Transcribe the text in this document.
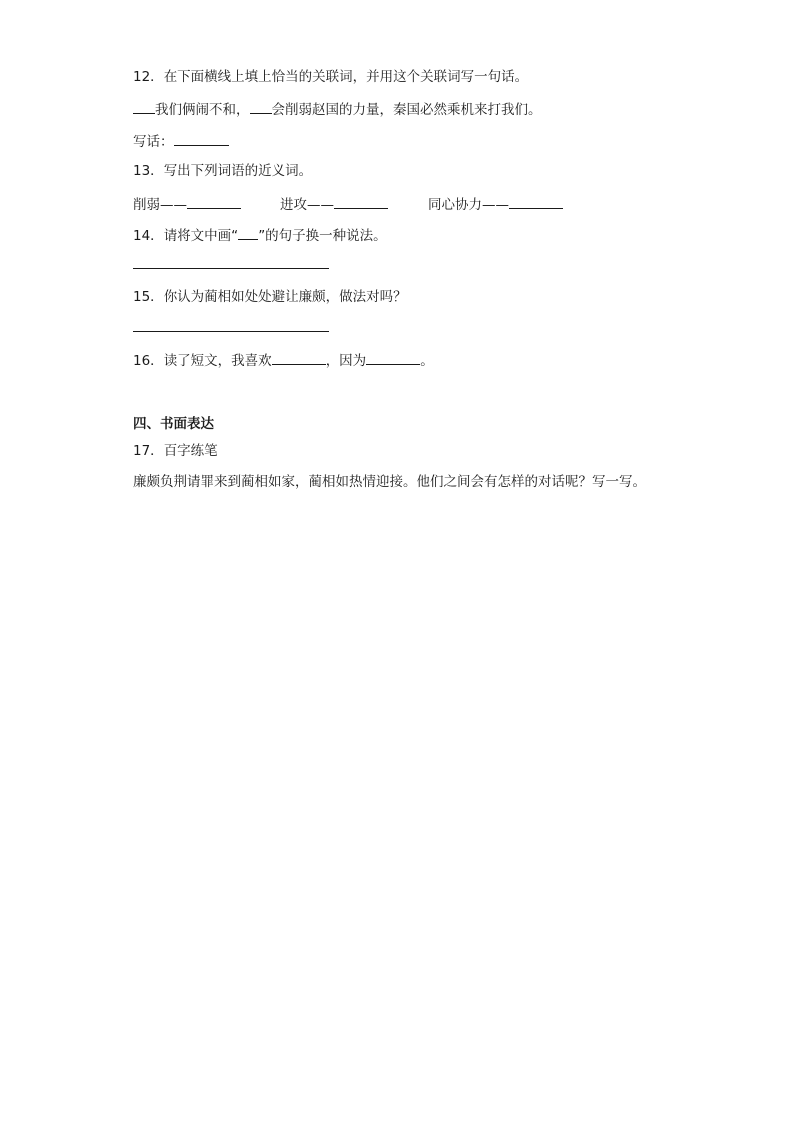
12．在下面横线上填上恰当的关联词，并用这个关联词写一句话。
我们俩闹不和， 会削弱赵国的力量，秦国必然乘机来打我们。
写话：
13．写出下列词语的近义词。
削弱——	进攻——	同心协力——
14．请将文中画“ ”的句子换一种说法。
15．你认为蔺相如处处避让廉颇，做法对吗？
16．读了短文，我喜欢	，因为	。
四、书面表达
17．百字练笔
廉颇负荆请罪来到蔺相如家，蔺相如热情迎接。他们之间会有怎样的对话呢？写一写。
